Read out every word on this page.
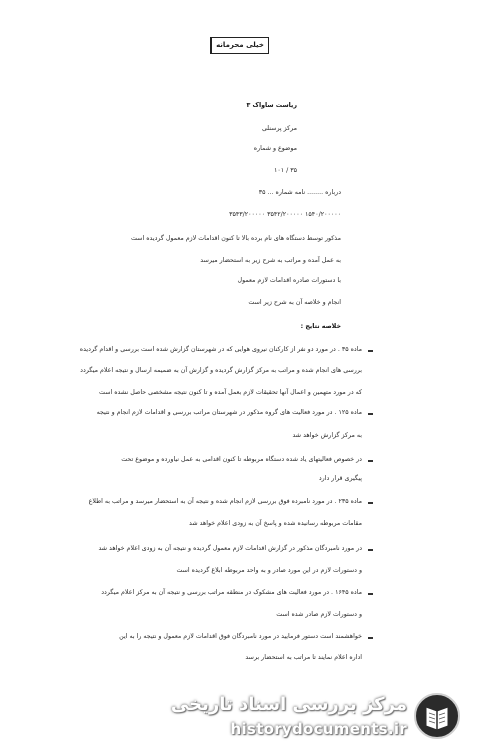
خیلی محرمانه
ریاست ساواک ۳
مرکز پرسنلی
موضوع و شماره
۳۵ / ۱۰۱
درباره ........ نامه شماره ... ۳۵
۱۵۴۰/۲۰۰۰۰۰ ۳۵۴۲/۲۰۰۰۰۰ ۳۵۴۳/۲۰۰۰۰۰
مذکور توسط دستگاه های نام برده بالا تا کنون اقدامات لازم معمول گردیده است
به عمل آمده و مراتب به شرح زیر به استحضار میرسد
با دستورات صادره اقدامات لازم معمول
انجام و خلاصه آن به شرح زیر است
خلاصه نتایج :
ماده ۳۵ . در مورد دو نفر از کارکنان نیروی هوایی که در شهرستان گزارش شده است بررسی و اقدام گردیده
بررسی های انجام شده و مراتب به مرکز گزارش گردیده و گزارش آن به ضمیمه ارسال و نتیجه اعلام میگردد
که در مورد متهمین و اعمال آنها تحقیقات لازم بعمل آمده و تا کنون نتیجه مشخصی حاصل نشده است
ماده ۱۲۵ . در مورد فعالیت های گروه مذکور در شهرستان مراتب بررسی و اقدامات لازم انجام و نتیجه
به مرکز گزارش خواهد شد
در خصوص فعالیتهای یاد شده دستگاه مربوطه تا کنون اقدامی به عمل نیاورده و موضوع تحت
پیگیری قرار دارد
ماده ۲۳۵ . در مورد نامبرده فوق بررسی لازم انجام شده و نتیجه آن به استحضار میرسد و مراتب به اطلاع
مقامات مربوطه رسانیده شده و پاسخ آن به زودی اعلام خواهد شد
در مورد نامبردگان مذکور در گزارش اقدامات لازم معمول گردیده و نتیجه آن به زودی اعلام خواهد شد
و دستورات لازم در این مورد صادر و به واحد مربوطه ابلاغ گردیده است
ماده ۱۶۴۵ . در مورد فعالیت های مشکوک در منطقه مراتب بررسی و نتیجه آن به مرکز اعلام میگردد
و دستورات لازم صادر شده است
خواهشمند است دستور فرمایید در مورد نامبردگان فوق اقدامات لازم معمول و نتیجه را به این
اداره اعلام نمایند تا مراتب به استحضار برسد
مرکز بررسی اسناد تاریخی
historydocuments.ir
